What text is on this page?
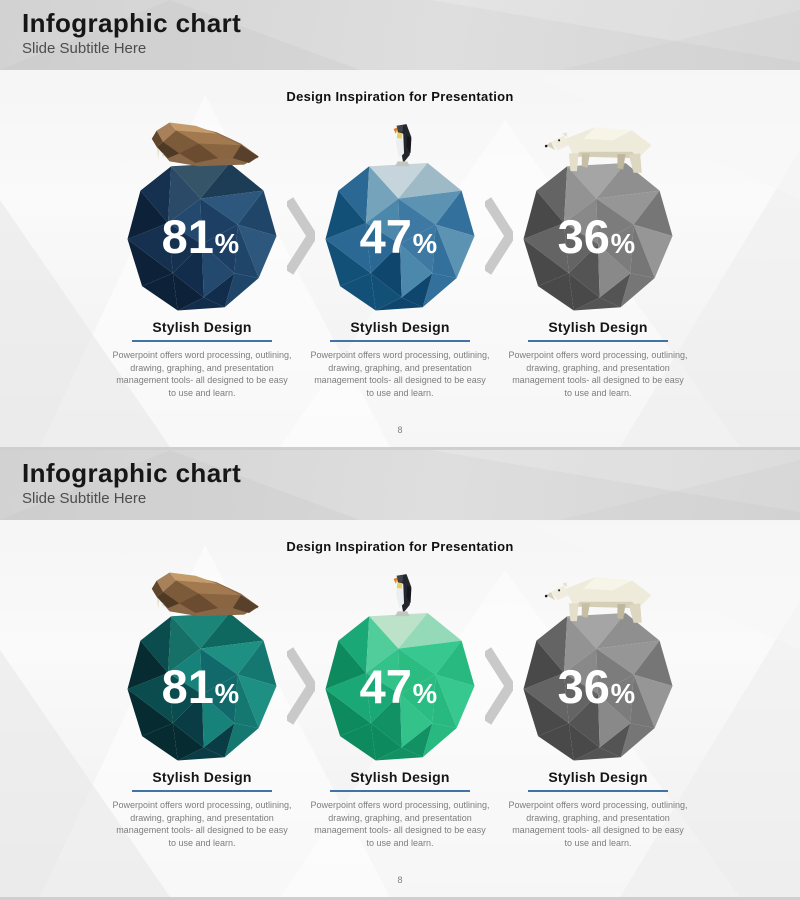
Infographic chart
Slide Subtitle Here
Design Inspiration for Presentation
81%
Stylish Design

Powerpoint offers word processing, outlining, drawing, graphing, and presentation management tools- all designed to be easy to use and learn.

47%
Stylish Design

Powerpoint offers word processing, outlining, drawing, graphing, and presentation management tools- all designed to be easy to use and learn.

36%
Stylish Design

Powerpoint offers word processing, outlining, drawing, graphing, and presentation management tools- all designed to be easy to use and learn.

8
Infographic chart
Slide Subtitle Here
Design Inspiration for Presentation
81%
Stylish Design

Powerpoint offers word processing, outlining, drawing, graphing, and presentation management tools- all designed to be easy to use and learn.

47%
Stylish Design

Powerpoint offers word processing, outlining, drawing, graphing, and presentation management tools- all designed to be easy to use and learn.

36%
Stylish Design

Powerpoint offers word processing, outlining, drawing, graphing, and presentation management tools- all designed to be easy to use and learn.

8
